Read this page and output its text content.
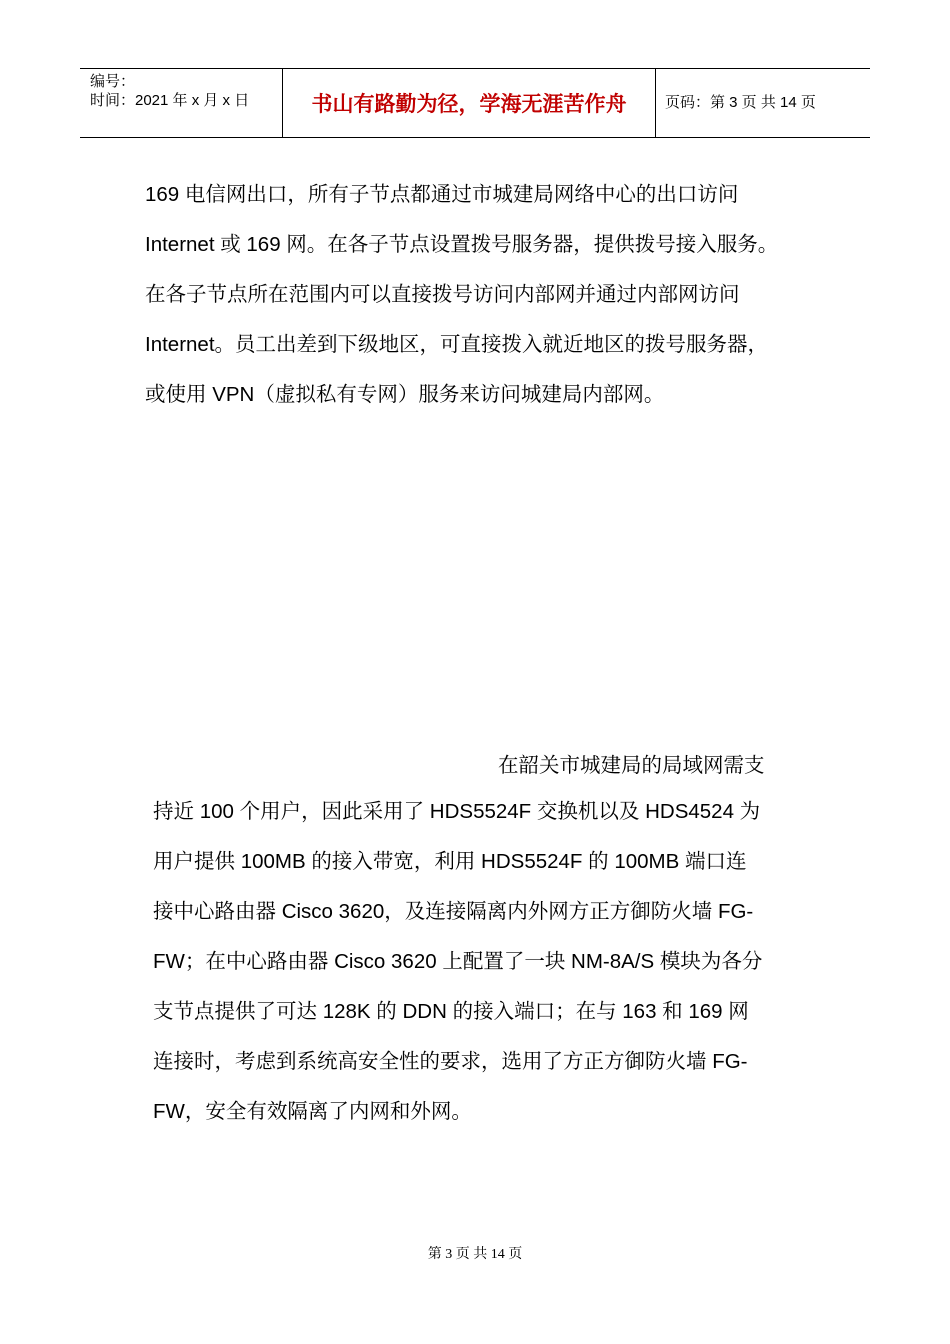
编号：
时间：2021 年 x 月 x 日	书山有路勤为径，学海无涯苦作舟	页码：第 3 页 共 14 页
169 电信网出口，所有子节点都通过市城建局网络中心的出口访问
Internet 或 169 网。在各子节点设置拨号服务器，提供拨号接入服务。
在各子节点所在范围内可以直接拨号访问内部网并通过内部网访问
Internet。员工出差到下级地区，可直接拨入就近地区的拨号服务器，
或使用 VPN（虚拟私有专网）服务来访问城建局内部网。
在韶关市城建局的局域网需支
持近 100 个用户，因此采用了 HDS5524F 交换机以及 HDS4524 为
用户提供 100MB 的接入带宽，利用 HDS5524F 的 100MB 端口连
接中心路由器 Cisco 3620，及连接隔离内外网方正方御防火墙 FG-
FW；在中心路由器 Cisco 3620 上配置了一块 NM-8A/S 模块为各分
支节点提供了可达 128K 的 DDN 的接入端口；在与 163 和 169 网
连接时，考虑到系统高安全性的要求，选用了方正方御防火墙 FG-
FW，安全有效隔离了内网和外网。
第 3 页 共 14 页
